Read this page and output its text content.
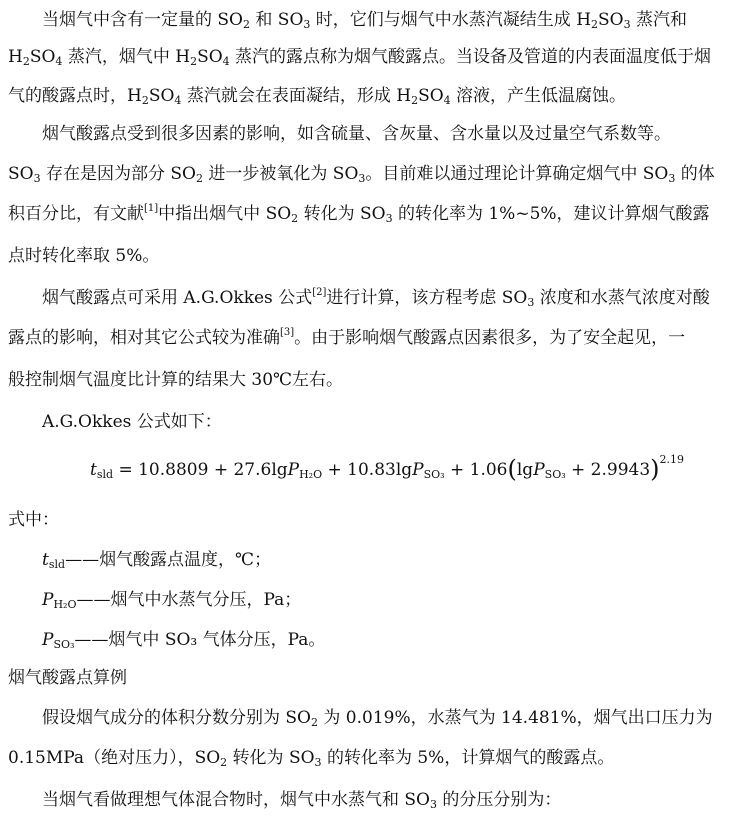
当烟气中含有一定量的 $SO_2$ 和 $SO_3$ 时，它们与烟气中水蒸汽凝结生成 $H_2SO_3$ 蒸汽和
$H_2SO_4$ 蒸汽，烟气中 $H_2SO_4$ 蒸汽的露点称为烟气酸露点。当设备及管道的内表面温度低于烟
气的酸露点时，$H_2SO_4$ 蒸汽就会在表面凝结，形成 $H_2SO_4$ 溶液，产生低温腐蚀。
烟气酸露点受到很多因素的影响，如含硫量、含灰量、含水量以及过量空气系数等。
$SO_3$ 存在是因为部分 $SO_2$ 进一步被氧化为 $SO_3$。目前难以通过理论计算确定烟气中 $SO_3$ 的体
积百分比，有文献[1]中指出烟气中 $SO_2$ 转化为 $SO_3$ 的转化率为 1%~5%，建议计算烟气酸露
点时转化率取 5%。
烟气酸露点可采用 A.G.Okkes 公式[2]进行计算，该方程考虑 $SO_3$ 浓度和水蒸气浓度对酸
露点的影响，相对其它公式较为准确[3]。由于影响烟气酸露点因素很多，为了安全起见，一
般控制烟气温度比计算的结果大 30℃左右。
A.G.Okkes 公式如下：
$t_{sld} = 10.8809 + 27.6\lg P_{H_2O} + 10.83\lg P_{SO_3} + 1.06(\lg P_{SO_3} + 2.9943)^{2.19}$
式中：
$t_{sld}——$烟气酸露点温度，℃；
$P_{H_2O}——$烟气中水蒸气分压，Pa；
$P_{SO_3}——$烟气中 SO₃ 气体分压，Pa。
烟气酸露点算例
假设烟气成分的体积分数分别为 $SO_2$ 为 0.019%，水蒸气为 14.481%，烟气出口压力为
0.15MPa（绝对压力），$SO_2$ 转化为 $SO_3$ 的转化率为 5%，计算烟气的酸露点。
当烟气看做理想气体混合物时，烟气中水蒸气和 $SO_3$ 的分压分别为：
